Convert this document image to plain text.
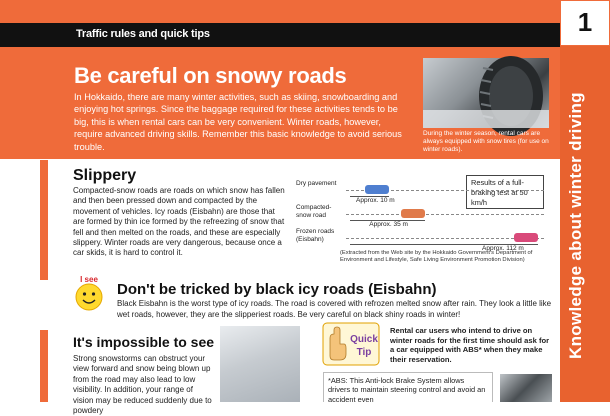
Traffic rules and quick tips	1
Knowledge about winter driving
Be careful on snowy roads
In Hokkaido, there are many winter activities, such as skiing, snowboarding and enjoying hot springs. Since the baggage required for these activities tends to be big, this is when rental cars can be very convenient. Winter roads, however, require advanced driving skills. Remember this basic knowledge to avoid serious trouble.
During the winter season, rental cars are always equipped with snow tires (for use on winter roads).
Slippery
Compacted-snow roads are roads on which snow has fallen and then been pressed down and compacted by the movement of vehicles. Icy roads (Eisbahn) are those that are formed by thin ice formed by the refreezing of snow that fell and then melted on the roads, and these are especially slippery. Winter roads are very dangerous, because once a car skids, it is hard to control it.
Results of a full-braking test at 50 km/h
(Extracted from the Web site by the Hokkaido Government's Department of Environment and Lifestyle, Safe Living Environment Promotion Division)
Dry pavement
Approx. 10 m
Compacted-snow road
Approx. 35 m
Frozen roads (Eisbahn)
Approx. 112 m
I see
Don't be tricked by black icy roads (Eisbahn)
Black Eisbahn is the worst type of icy roads. The road is covered with refrozen melted snow after rain. They look a little like wet roads, however, they are the slipperiest roads. Be very careful on black shiny roads in winter!
It's impossible to see
Strong snowstorms can obstruct your view forward and snow being blown up from the road may also lead to low visibility. In addition, your range of vision may be reduced suddenly due to powdery
Quick
Tip
Rental car users who intend to drive on winter roads for the first time should ask for a car equipped with ABS* when they make their reservation.
*ABS: This Anti-lock Brake System allows drivers to maintain steering control and avoid an accident even
